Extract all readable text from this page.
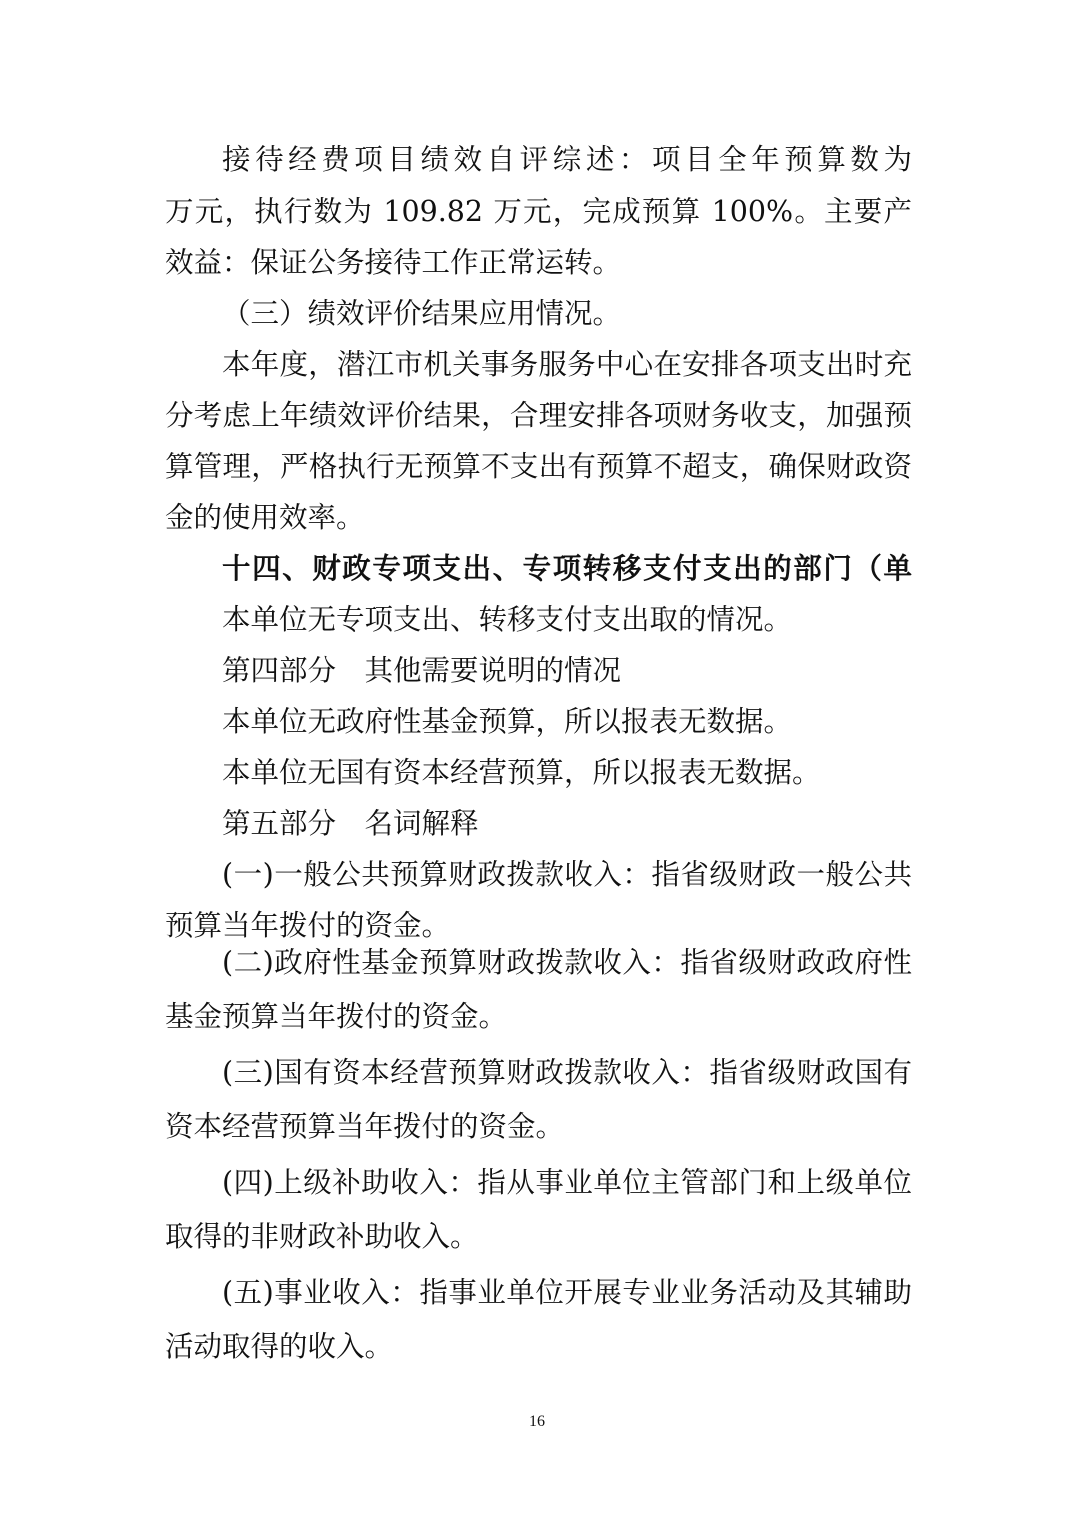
接待经费项目绩效自评综述：项目全年预算数为
万元，执行数为 109.82 万元，完成预算 100%。主要产
效益：保证公务接待工作正常运转。
（三）绩效评价结果应用情况。
本年度，潜江市机关事务服务中心在安排各项支出时充
分考虑上年绩效评价结果，合理安排各项财务收支，加强预
算管理，严格执行无预算不支出有预算不超支，确保财政资
金的使用效率。
十四、财政专项支出、专项转移支付支出的部门（单
本单位无专项支出、转移支付支出取的情况。
第四部分　其他需要说明的情况
本单位无政府性基金预算，所以报表无数据。
本单位无国有资本经营预算，所以报表无数据。
第五部分　名词解释
(一)一般公共预算财政拨款收入：指省级财政一般公共
预算当年拨付的资金。
(二)政府性基金预算财政拨款收入：指省级财政政府性
基金预算当年拨付的资金。
(三)国有资本经营预算财政拨款收入：指省级财政国有
资本经营预算当年拨付的资金。
(四)上级补助收入：指从事业单位主管部门和上级单位
取得的非财政补助收入。
(五)事业收入：指事业单位开展专业业务活动及其辅助
活动取得的收入。
16
